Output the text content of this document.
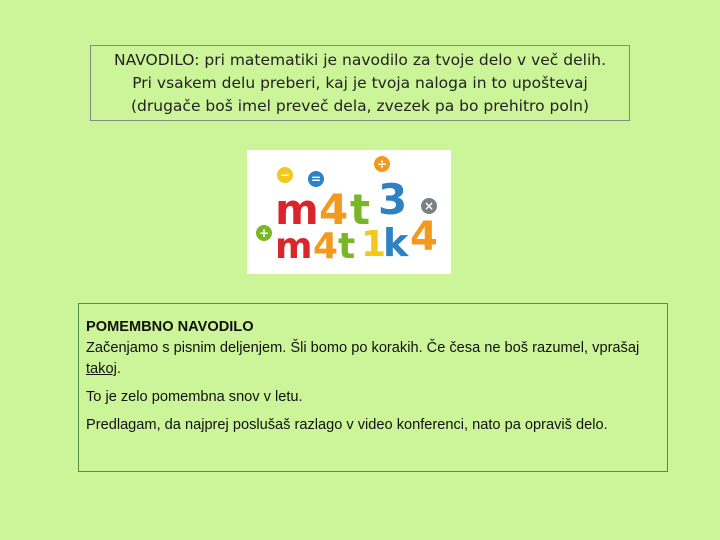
NAVODILO: pri matematiki je navodilo za tvoje delo v več delih.
Pri vsakem delu preberi, kaj je tvoja naloga in to upoštevaj
(drugače boš imel preveč dela, zvezek pa bo prehitro poln)
− =
÷
×
+ m 4 t 3
m 4 t 1
k 4

POMEMBNO NAVODILO

Začenjamo s pisnim deljenjem. Šli bomo po korakih. Če česa ne boš razumel, vprašaj takoj.

To je zelo pomembna snov v letu.

Predlagam, da najprej poslušaš razlago v video konferenci, nato pa opraviš delo.
